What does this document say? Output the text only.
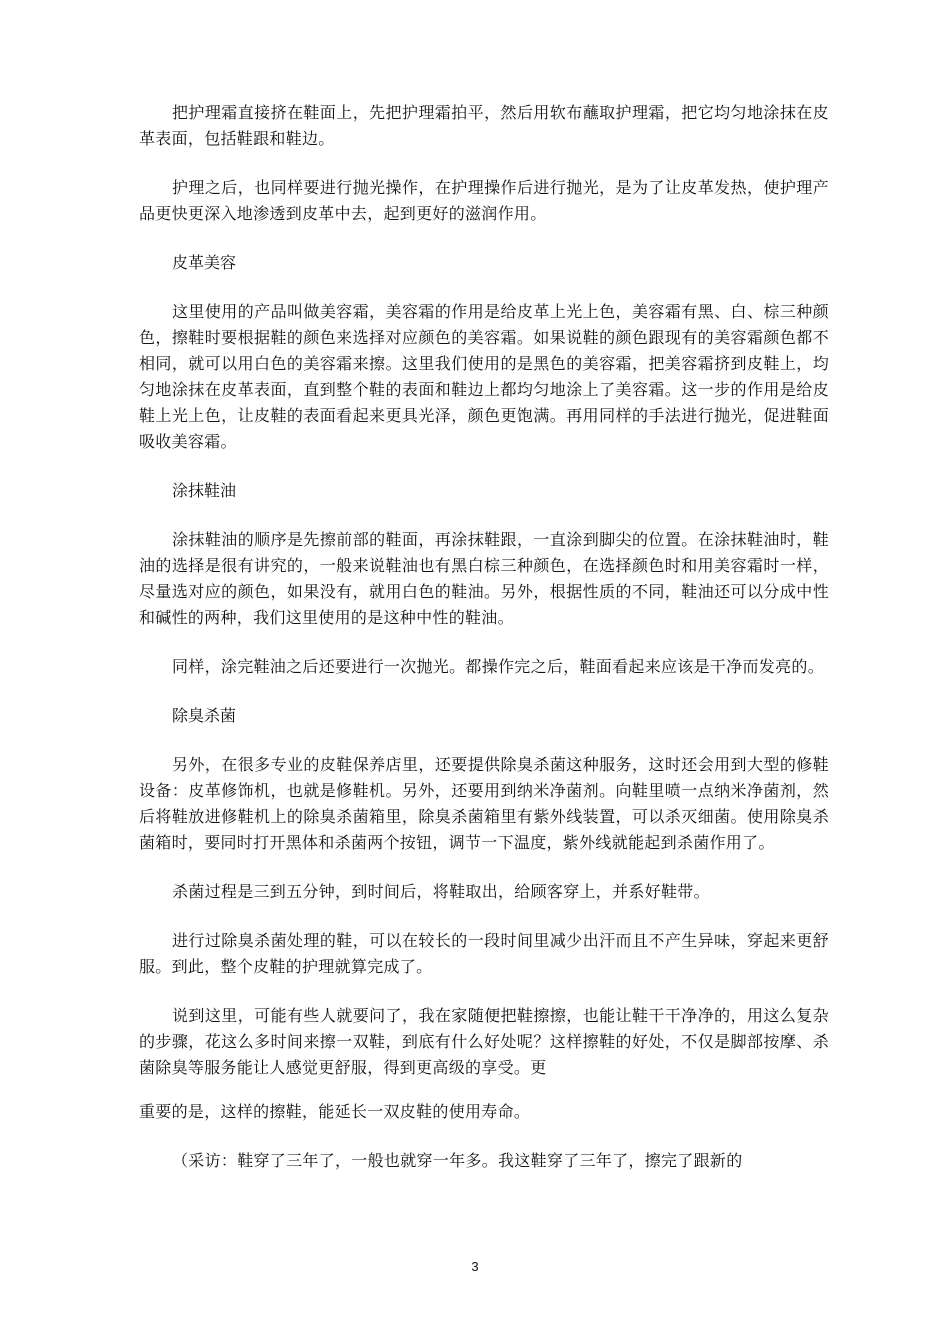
把护理霜直接挤在鞋面上，先把护理霜拍平，然后用软布蘸取护理霜，把它均匀地涂抹在皮革表面，包括鞋跟和鞋边。

护理之后，也同样要进行抛光操作，在护理操作后进行抛光，是为了让皮革发热，使护理产品更快更深入地渗透到皮革中去，起到更好的滋润作用。

皮革美容

这里使用的产品叫做美容霜，美容霜的作用是给皮革上光上色，美容霜有黑、白、棕三种颜色，擦鞋时要根据鞋的颜色来选择对应颜色的美容霜。如果说鞋的颜色跟现有的美容霜颜色都不相同，就可以用白色的美容霜来擦。这里我们使用的是黑色的美容霜，把美容霜挤到皮鞋上，均匀地涂抹在皮革表面，直到整个鞋的表面和鞋边上都均匀地涂上了美容霜。这一步的作用是给皮鞋上光上色，让皮鞋的表面看起来更具光泽，颜色更饱满。再用同样的手法进行抛光，促进鞋面吸收美容霜。

涂抹鞋油

涂抹鞋油的顺序是先擦前部的鞋面，再涂抹鞋跟，一直涂到脚尖的位置。在涂抹鞋油时，鞋油的选择是很有讲究的，一般来说鞋油也有黑白棕三种颜色，在选择颜色时和用美容霜时一样，尽量选对应的颜色，如果没有，就用白色的鞋油。另外，根据性质的不同，鞋油还可以分成中性和碱性的两种，我们这里使用的是这种中性的鞋油。

同样，涂完鞋油之后还要进行一次抛光。都操作完之后，鞋面看起来应该是干净而发亮的。

除臭杀菌

另外，在很多专业的皮鞋保养店里，还要提供除臭杀菌这种服务，这时还会用到大型的修鞋设备：皮革修饰机，也就是修鞋机。另外，还要用到纳米净菌剂。向鞋里喷一点纳米净菌剂，然后将鞋放进修鞋机上的除臭杀菌箱里，除臭杀菌箱里有紫外线装置，可以杀灭细菌。使用除臭杀菌箱时，要同时打开黑体和杀菌两个按钮，调节一下温度，紫外线就能起到杀菌作用了。

杀菌过程是三到五分钟，到时间后，将鞋取出，给顾客穿上，并系好鞋带。

进行过除臭杀菌处理的鞋，可以在较长的一段时间里减少出汗而且不产生异味，穿起来更舒服。到此，整个皮鞋的护理就算完成了。

说到这里，可能有些人就要问了，我在家随便把鞋擦擦，也能让鞋干干净净的，用这么复杂的步骤，花这么多时间来擦一双鞋，到底有什么好处呢？这样擦鞋的好处，不仅是脚部按摩、杀菌除臭等服务能让人感觉更舒服，得到更高级的享受。更

重要的是，这样的擦鞋，能延长一双皮鞋的使用寿命。

（采访：鞋穿了三年了，一般也就穿一年多。我这鞋穿了三年了，擦完了跟新的

3
